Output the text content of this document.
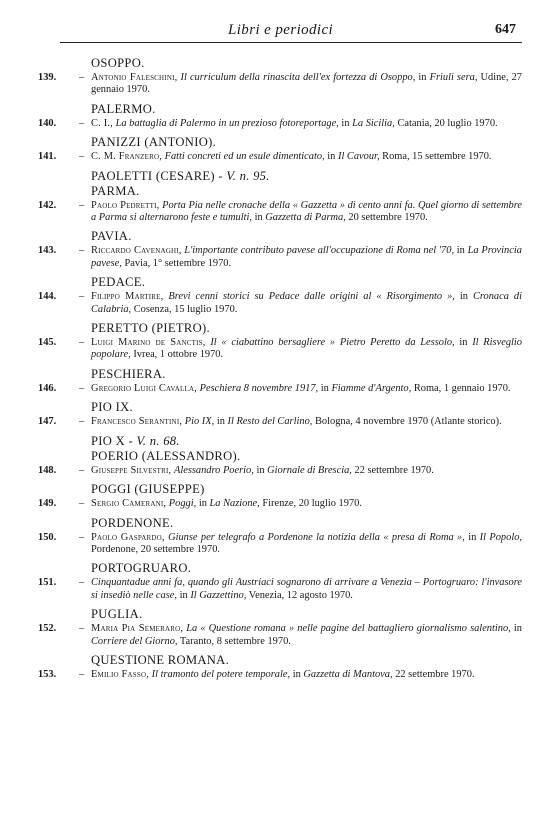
Libri e periodici	647
OSOPPO.
139.	– Antonio Faleschini, Il curriculum della rinascita dell'ex fortezza di Osoppo, in Friuli sera, Udine, 27 gennaio 1970.
PALERMO.
140.	– C. I., La battaglia di Palermo in un prezioso fotoreportage, in La Sicilia, Catania, 20 luglio 1970.
PANIZZI (ANTONIO).
141.	– C. M. Franzero, Fatti concreti ed un esule dimenticato, in Il Cavour, Roma, 15 settembre 1970.
PAOLETTI (CESARE) - V. n. 95.
PARMA.
142.	– Paolo Pedretti, Porta Pia nelle cronache della « Gazzetta » di cento anni fa. Quel giorno di settembre a Parma si alternarono feste e tumulti, in Gazzetta di Parma, 20 settembre 1970.
PAVIA.
143.	– Riccardo Cavenaghi, L'importante contributo pavese all'occupazione di Roma nel '70, in La Provincia pavese, Pavia, 1° settembre 1970.
PEDACE.
144.	– Filippo Martire, Brevi cenni storici su Pedace dalle origini al « Risorgimento », in Cronaca di Calabria, Cosenza, 15 luglio 1970.
PERETTO (PIETRO).
145.	– Luigi Marino de Sanctis, Il « ciabattino bersagliere » Pietro Peretto da Lessolo, in Il Risveglio popolare, Ivrea, 1 ottobre 1970.
PESCHIERA.
146.	– Gregorio Luigi Cavalla, Peschiera 8 novembre 1917, in Fiamme d'Argento, Roma, 1 gennaio 1970.
PIO IX.
147.	– Francesco Serantini, Pio IX, in Il Resto del Carlino, Bologna, 4 novembre 1970 (Atlante storico).
PIO X - V. n. 68.
POERIO (ALESSANDRO).
148.	– Giuseppe Silvestri, Alessandro Poerio, in Giornale di Brescia, 22 settembre 1970.
POGGI (GIUSEPPE)
149.	– Sergio Camerani, Poggi, in La Nazione, Firenze, 20 luglio 1970.
PORDENONE.
150.	– Paolo Gaspardo, Giunse per telegrafo a Pordenone la notizia della « presa di Roma », in Il Popolo, Pordenone, 20 settembre 1970.
PORTOGRUARO.
151.	– Cinquantadue anni fa, quando gli Austriaci sognarono di arrivare a Venezia – Portogruaro: l'invasore si insediò nelle case, in Il Gazzettino, Venezia, 12 agosto 1970.
PUGLIA.
152.	– Maria Pia Semeraro, La « Questione romana » nelle pagine del battagliero giornalismo salentino, in Corriere del Giorno, Taranto, 8 settembre 1970.
QUESTIONE ROMANA.
153.	– Emilio Fasso, Il tramonto del potere temporale, in Gazzetta di Mantova, 22 settembre 1970.
